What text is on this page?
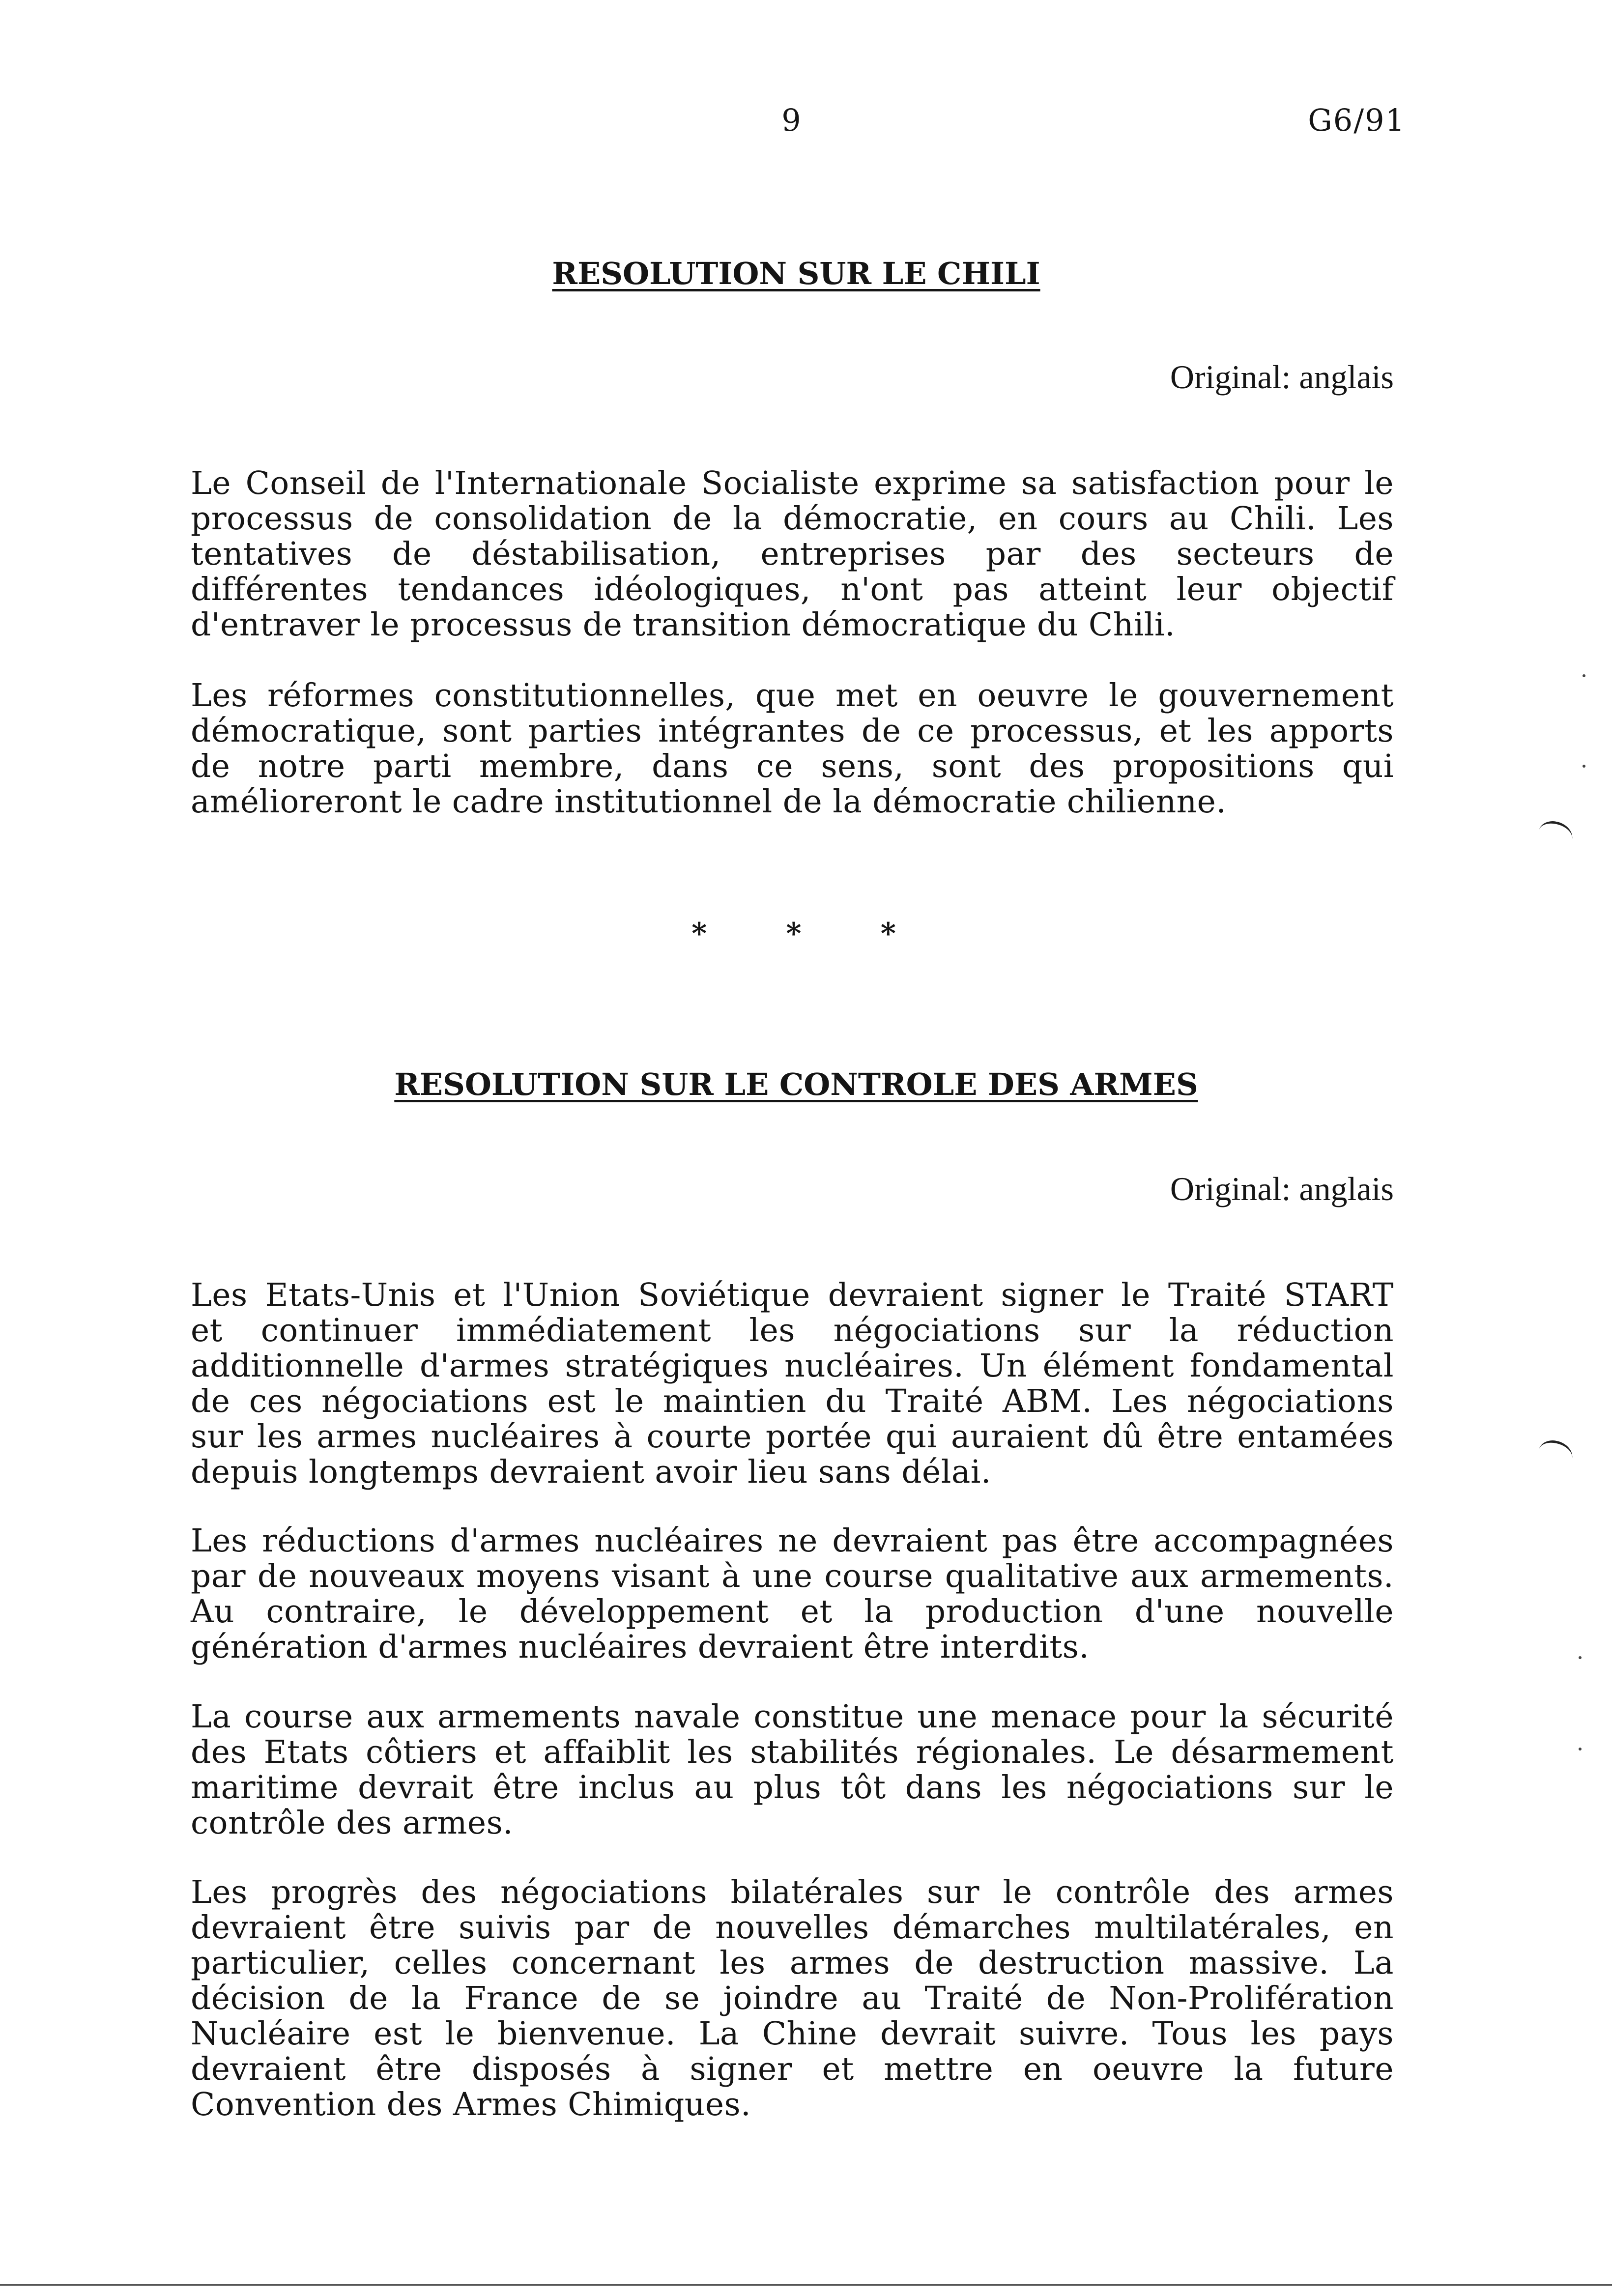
9	G6/91
RESOLUTION SUR LE CHILI
Original: anglais
Le Conseil de l'Internationale Socialiste exprime sa satisfaction pour le
processus de consolidation de la démocratie, en cours au Chili. Les
tentatives de déstabilisation, entreprises par des secteurs de
différentes tendances idéologiques, n'ont pas atteint leur objectif
d'entraver le processus de transition démocratique du Chili.
Les réformes constitutionnelles, que met en oeuvre le gouvernement
démocratique, sont parties intégrantes de ce processus, et les apports
de notre parti membre, dans ce sens, sont des propositions qui
amélioreront le cadre institutionnel de la démocratie chilienne.
* * *
RESOLUTION SUR LE CONTROLE DES ARMES
Original: anglais
Les Etats-Unis et l'Union Soviétique devraient signer le Traité START
et continuer immédiatement les négociations sur la réduction
additionnelle d'armes stratégiques nucléaires. Un élément fondamental
de ces négociations est le maintien du Traité ABM. Les négociations
sur les armes nucléaires à courte portée qui auraient dû être entamées
depuis longtemps devraient avoir lieu sans délai.
Les réductions d'armes nucléaires ne devraient pas être accompagnées
par de nouveaux moyens visant à une course qualitative aux armements.
Au contraire, le développement et la production d'une nouvelle
génération d'armes nucléaires devraient être interdits.
La course aux armements navale constitue une menace pour la sécurité
des Etats côtiers et affaiblit les stabilités régionales. Le désarmement
maritime devrait être inclus au plus tôt dans les négociations sur le
contrôle des armes.
Les progrès des négociations bilatérales sur le contrôle des armes
devraient être suivis par de nouvelles démarches multilatérales, en
particulier, celles concernant les armes de destruction massive. La
décision de la France de se joindre au Traité de Non-Prolifération
Nucléaire est le bienvenue. La Chine devrait suivre. Tous les pays
devraient être disposés à signer et mettre en oeuvre la future
Convention des Armes Chimiques.
